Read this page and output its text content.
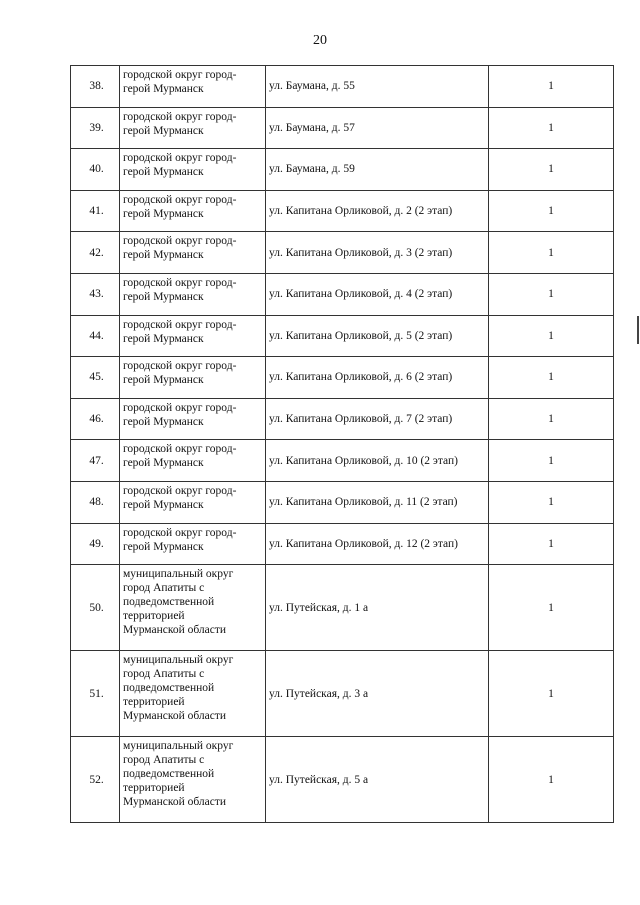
20
38.	городской округ город-
герой Мурманск	ул. Баумана, д. 55	1
39.	городской округ город-
герой Мурманск	ул. Баумана, д. 57	1
40.	городской округ город-
герой Мурманск	ул. Баумана, д. 59	1
41.	городской округ город-
герой Мурманск	ул. Капитана Орликовой, д. 2 (2 этап)	1
42.	городской округ город-
герой Мурманск	ул. Капитана Орликовой, д. 3 (2 этап)	1
43.	городской округ город-
герой Мурманск	ул. Капитана Орликовой, д. 4 (2 этап)	1
44.	городской округ город-
герой Мурманск	ул. Капитана Орликовой, д. 5 (2 этап)	1
45.	городской округ город-
герой Мурманск	ул. Капитана Орликовой, д. 6 (2 этап)	1
46.	городской округ город-
герой Мурманск	ул. Капитана Орликовой, д. 7 (2 этап)	1
47.	городской округ город-
герой Мурманск	ул. Капитана Орликовой, д. 10 (2 этап)	1
48.	городской округ город-
герой Мурманск	ул. Капитана Орликовой, д. 11 (2 этап)	1
49.	городской округ город-
герой Мурманск	ул. Капитана Орликовой, д. 12 (2 этап)	1
50.	муниципальный округ
город Апатиты с
подведомственной
территорией
Мурманской области	ул. Путейская, д. 1 а	1
51.	муниципальный округ
город Апатиты с
подведомственной
территорией
Мурманской области	ул. Путейская, д. 3 а	1
52.	муниципальный округ
город Апатиты с
подведомственной
территорией
Мурманской области	ул. Путейская, д. 5 а	1
